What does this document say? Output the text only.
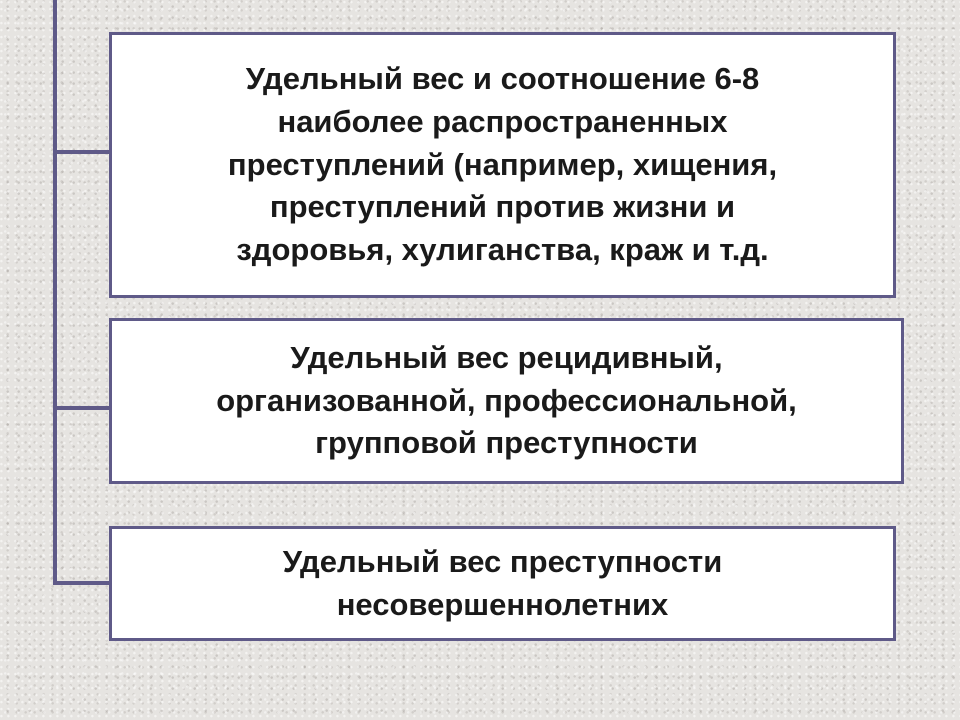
Удельный вес и соотношение 6-8
наиболее распространенных
преступлений (например, хищения,
преступлений против жизни и
здоровья, хулиганства, краж и т.д.
Удельный вес рецидивный,
организованной, профессиональной,
групповой преступности
Удельный вес преступности
несовершеннолетних
